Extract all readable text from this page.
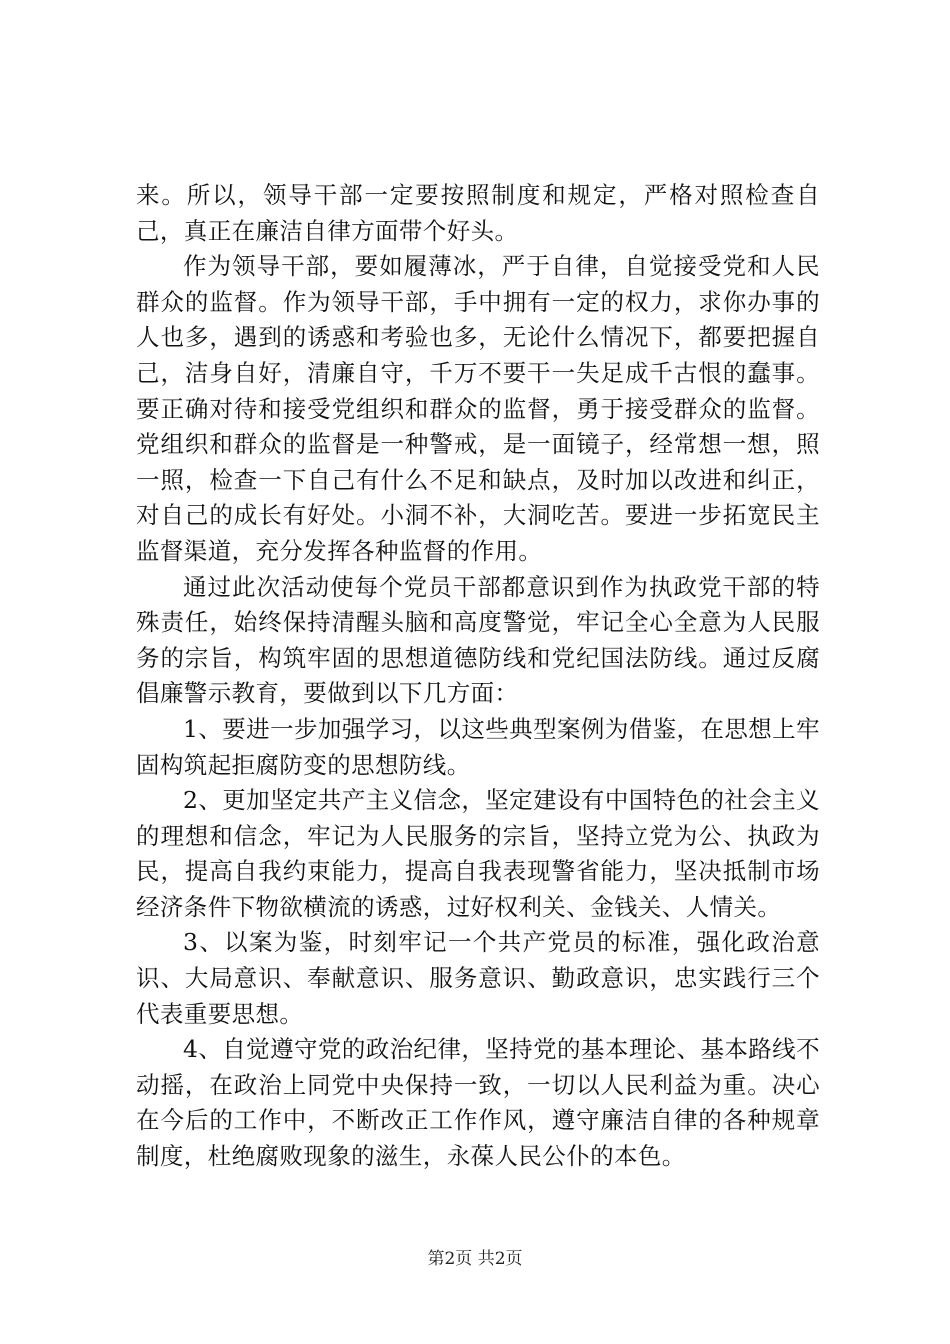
来。所以，领导干部一定要按照制度和规定，严格对照检查自己，真正在廉洁自律方面带个好头。

作为领导干部，要如履薄冰，严于自律，自觉接受党和人民群众的监督。作为领导干部，手中拥有一定的权力，求你办事的人也多，遇到的诱惑和考验也多，无论什么情况下，都要把握自己，洁身自好，清廉自守，千万不要干一失足成千古恨的蠢事。要正确对待和接受党组织和群众的监督，勇于接受群众的监督。党组织和群众的监督是一种警戒，是一面镜子，经常想一想，照一照，检查一下自己有什么不足和缺点，及时加以改进和纠正，对自己的成长有好处。小洞不补，大洞吃苦。要进一步拓宽民主监督渠道，充分发挥各种监督的作用。

通过此次活动使每个党员干部都意识到作为执政党干部的特殊责任，始终保持清醒头脑和高度警觉，牢记全心全意为人民服务的宗旨，构筑牢固的思想道德防线和党纪国法防线。通过反腐倡廉警示教育，要做到以下几方面：

1、要进一步加强学习，以这些典型案例为借鉴，在思想上牢固构筑起拒腐防变的思想防线。

2、更加坚定共产主义信念，坚定建设有中国特色的社会主义的理想和信念，牢记为人民服务的宗旨，坚持立党为公、执政为民，提高自我约束能力，提高自我表现警省能力，坚决抵制市场经济条件下物欲横流的诱惑，过好权利关、金钱关、人情关。

3、以案为鉴，时刻牢记一个共产党员的标准，强化政治意识、大局意识、奉献意识、服务意识、勤政意识，忠实践行三个代表重要思想。

4、自觉遵守党的政治纪律，坚持党的基本理论、基本路线不动摇，在政治上同党中央保持一致，一切以人民利益为重。决心在今后的工作中，不断改正工作作风，遵守廉洁自律的各种规章制度，杜绝腐败现象的滋生，永葆人民公仆的本色。

第2页 共2页
